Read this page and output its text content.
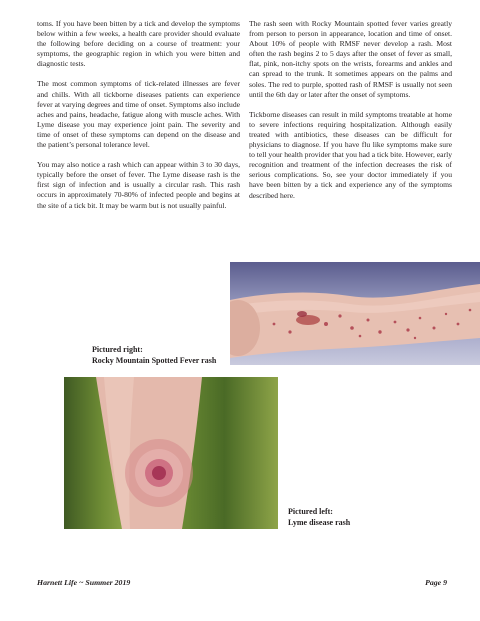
toms. If you have been bitten by a tick and develop the symptoms below within a few weeks, a health care provider should evaluate the following before deciding on a course of treatment: your symptoms, the geographic region in which you were bitten and diagnostic tests.

The most common symptoms of tick-related illnesses are fever and chills. With all tickborne diseases patients can experience fever at varying degrees and time of onset. Symptoms also include aches and pains, headache, fatigue along with muscle aches. With Lyme disease you may experience joint pain. The severity and time of onset of these symptoms can depend on the disease and the patient’s personal tolerance level.

You may also notice a rash which can appear within 3 to 30 days, typically before the onset of fever. The Lyme disease rash is the first sign of infection and is usually a circular rash. This rash occurs in approximately 70-80% of infected people and begins at the site of a tick bit. It may be warm but is not usually painful.

The rash seen with Rocky Mountain spotted fever varies greatly from person to person in appearance, location and time of onset. About 10% of people with RMSF never develop a rash. Most often the rash begins 2 to 5 days after the onset of fever as small, flat, pink, non-itchy spots on the wrists, forearms and ankles and can spread to the trunk. It sometimes appears on the palms and soles. The red to purple, spotted rash of RMSF is usually not seen until the 6th day or later after the onset of symptoms.

Tickborne diseases can result in mild symptoms treatable at home to severe infections requiring hospitalization. Although easily treated with antibiotics, these diseases can be difficult for physicians to diagnose. If you have flu like symptoms make sure to tell your health provider that you had a tick bite. However, early recognition and treatment of the infection decreases the risk of serious complications. So, see your doctor immediately if you have been bitten by a tick and experience any of the symptoms described here.

Pictured right:
Rocky Mountain Spotted Fever rash
Pictured left:
Lyme disease rash
Harnett Life ~ Summer 2019	Page 9
